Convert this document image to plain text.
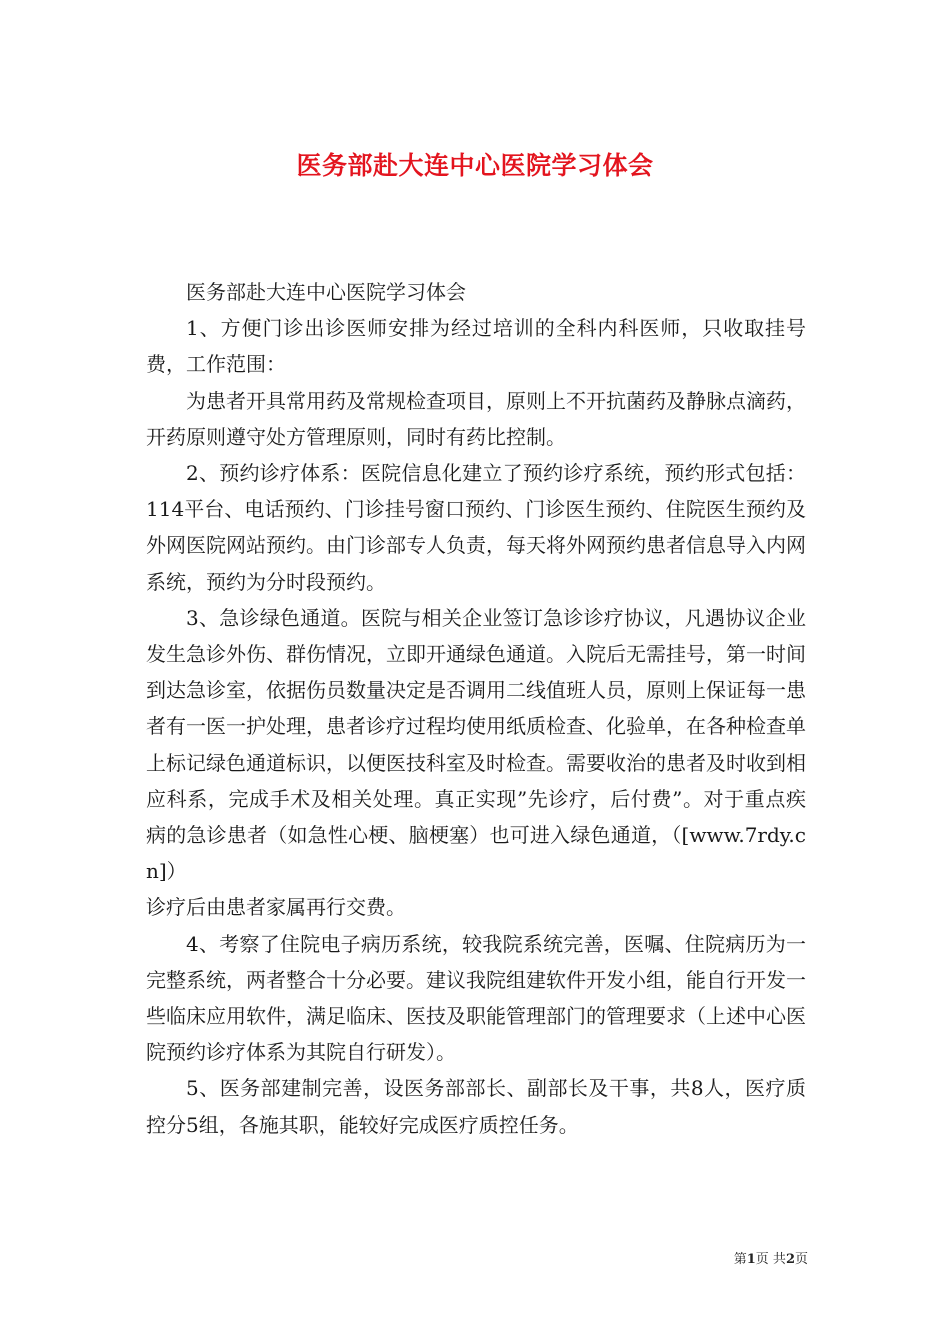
医务部赴大连中心医院学习体会

医务部赴大连中心医院学习体会

1、方便门诊出诊医师安排为经过培训的全科内科医师，只收取挂号费，工作范围：

为患者开具常用药及常规检查项目，原则上不开抗菌药及静脉点滴药，开药原则遵守处方管理原则，同时有药比控制。

2、预约诊疗体系：医院信息化建立了预约诊疗系统，预约形式包括：114平台、电话预约、门诊挂号窗口预约、门诊医生预约、住院医生预约及外网医院网站预约。由门诊部专人负责，每天将外网预约患者信息导入内网系统，预约为分时段预约。

3、急诊绿色通道。医院与相关企业签订急诊诊疗协议，凡遇协议企业发生急诊外伤、群伤情况，立即开通绿色通道。入院后无需挂号，第一时间到达急诊室，依据伤员数量决定是否调用二线值班人员，原则上保证每一患者有一医一护处理，患者诊疗过程均使用纸质检查、化验单，在各种检查单上标记绿色通道标识，以便医技科室及时检查。需要收治的患者及时收到相应科系，完成手术及相关处理。真正实现”先诊疗，后付费”。对于重点疾病的急诊患者（如急性心梗、脑梗塞）也可进入绿色通道，（[www.7rdy.cn]）

诊疗后由患者家属再行交费。

4、考察了住院电子病历系统，较我院系统完善，医嘱、住院病历为一完整系统，两者整合十分必要。建议我院组建软件开发小组，能自行开发一些临床应用软件，满足临床、医技及职能管理部门的管理要求（上述中心医院预约诊疗体系为其院自行研发）。

5、医务部建制完善，设医务部部长、副部长及干事，共8人，医疗质控分5组，各施其职，能较好完成医疗质控任务。

第1页 共2页
